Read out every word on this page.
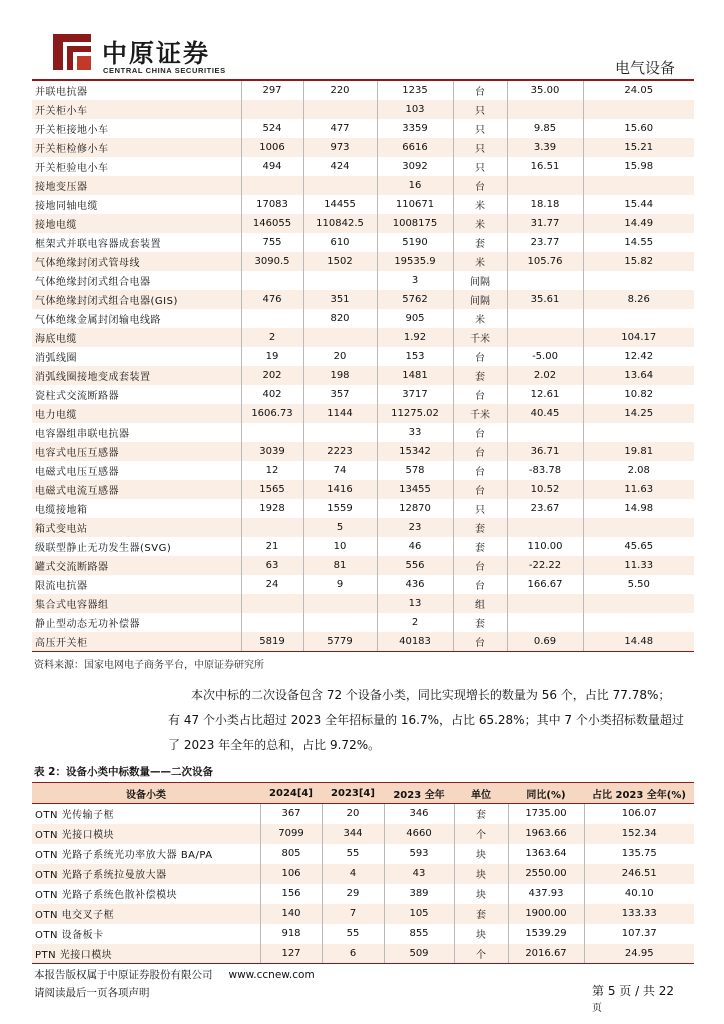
中原证券
CENTRAL CHINA SECURITIES	电气设备
并联电抗器	297	220	1235	台	35.00	24.05
开关柜小车			103	只		
开关柜接地小车	524	477	3359	只	9.85	15.60
开关柜检修小车	1006	973	6616	只	3.39	15.21
开关柜验电小车	494	424	3092	只	16.51	15.98
接地变压器			16	台		
接地同轴电缆	17083	14455	110671	米	18.18	15.44
接地电缆	146055	110842.5	1008175	米	31.77	14.49
框架式并联电容器成套装置	755	610	5190	套	23.77	14.55
气体绝缘封闭式管母线	3090.5	1502	19535.9	米	105.76	15.82
气体绝缘封闭式组合电器			3	间隔		
气体绝缘封闭式组合电器(GIS)	476	351	5762	间隔	35.61	8.26
气体绝缘金属封闭输电线路		820	905	米		
海底电缆	2		1.92	千米		104.17
消弧线圈	19	20	153	台	-5.00	12.42
消弧线圈接地变成套装置	202	198	1481	套	2.02	13.64
瓷柱式交流断路器	402	357	3717	台	12.61	10.82
电力电缆	1606.73	1144	11275.02	千米	40.45	14.25
电容器组串联电抗器			33	台		
电容式电压互感器	3039	2223	15342	台	36.71	19.81
电磁式电压互感器	12	74	578	台	-83.78	2.08
电磁式电流互感器	1565	1416	13455	台	10.52	11.63
电缆接地箱	1928	1559	12870	只	23.67	14.98
箱式变电站		5	23	套		
级联型静止无功发生器(SVG)	21	10	46	套	110.00	45.65
罐式交流断路器	63	81	556	台	-22.22	11.33
限流电抗器	24	9	436	台	166.67	5.50
集合式电容器组			13	组		
静止型动态无功补偿器			2	套		
高压开关柜	5819	5779	40183	台	0.69	14.48
资料来源：国家电网电子商务平台，中原证券研究所

本次中标的二次设备包含 72 个设备小类，同比实现增长的数量为 56 个，占比 77.78%；

有 47 个小类占比超过 2023 全年招标量的 16.7%，占比 65.28%；其中 7 个小类招标数量超过

了 2023 年全年的总和，占比 9.72%。

表 2：设备小类中标数量——二次设备
设备小类	2024[4]	2023[4]	2023 全年	单位	同比(%)	占比 2023 全年(%)
OTN 光传输子框	367	20	346	套	1735.00	106.07
OTN 光接口模块	7099	344	4660	个	1963.66	152.34
OTN 光路子系统光功率放大器 BA/PA	805	55	593	块	1363.64	135.75
OTN 光路子系统拉曼放大器	106	4	43	块	2550.00	246.51
OTN 光路子系统色散补偿模块	156	29	389	块	437.93	40.10
OTN 电交叉子框	140	7	105	套	1900.00	133.33
OTN 设备板卡	918	55	855	块	1539.29	107.37
PTN 光接口模块	127	6	509	个	2016.67	24.95
本报告版权属于中原证券股份有限公司 www.ccnew.com
请阅读最后一页各项声明	第 5 页 / 共 22
页
